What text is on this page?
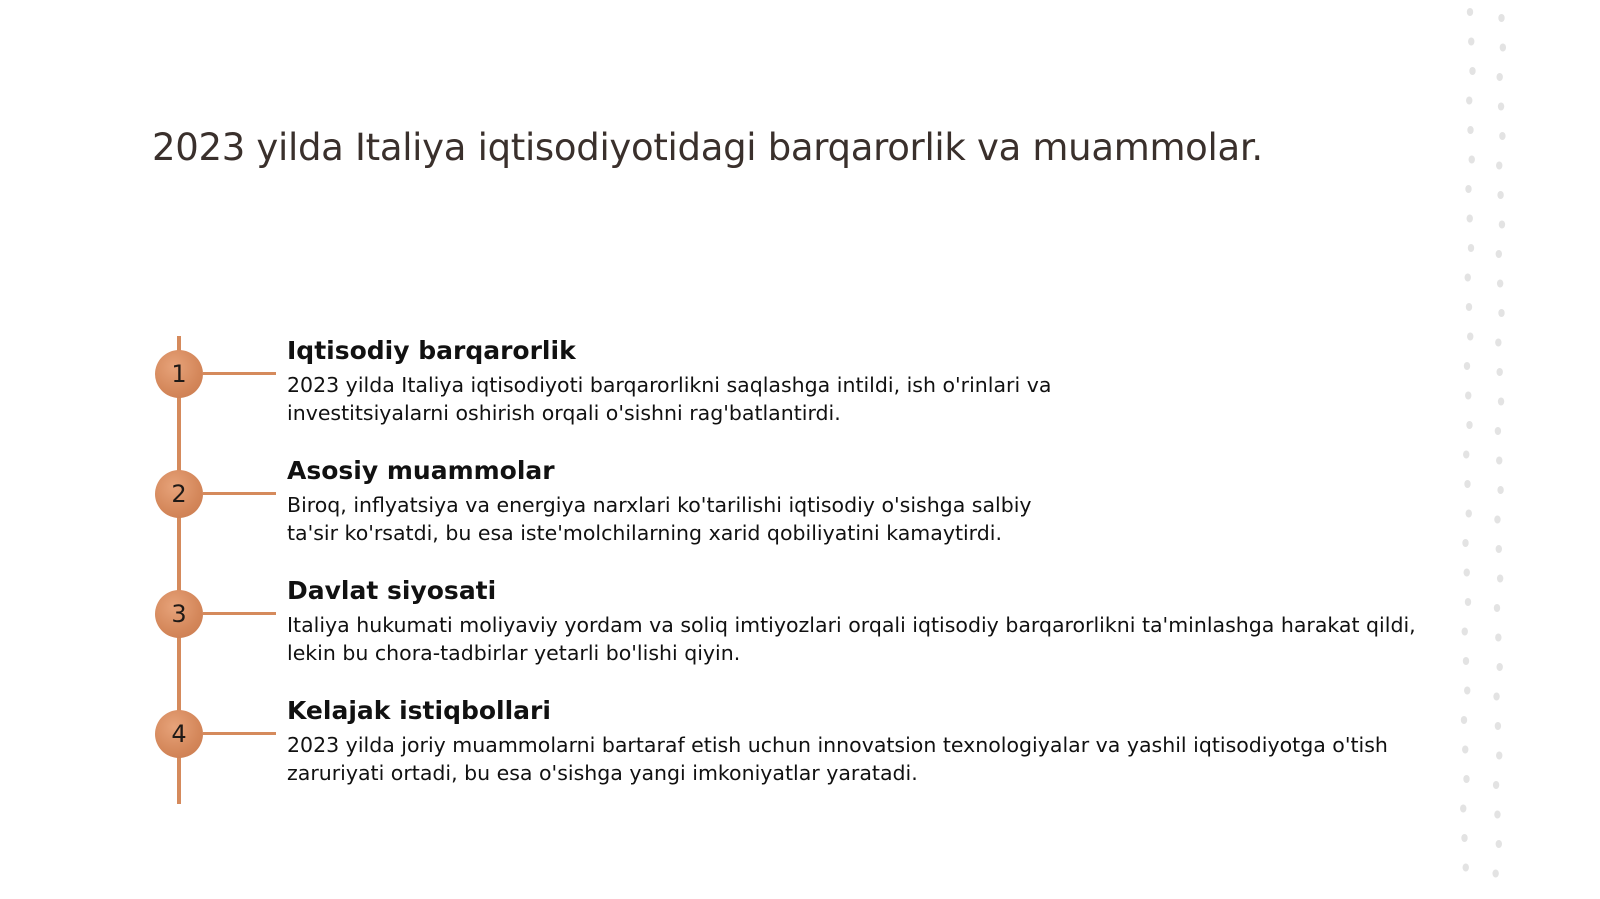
2023 yilda Italiya iqtisodiyotidagi barqarorlik va muammolar.
1
Iqtisodiy barqarorlik

2023 yilda Italiya iqtisodiyoti barqarorlikni saqlashga intildi, ish o'rinlari va investitsiyalarni oshirish orqali o'sishni rag'batlantirdi.

2
Asosiy muammolar

Biroq, inflyatsiya va energiya narxlari ko'tarilishi iqtisodiy o'sishga salbiy ta'sir ko'rsatdi, bu esa iste'molchilarning xarid qobiliyatini kamaytirdi.

3
Davlat siyosati

Italiya hukumati moliyaviy yordam va soliq imtiyozlari orqali iqtisodiy barqarorlikni ta'minlashga harakat qildi, lekin bu chora-tadbirlar yetarli bo'lishi qiyin.

4
Kelajak istiqbollari

2023 yilda joriy muammolarni bartaraf etish uchun innovatsion texnologiyalar va yashil iqtisodiyotga o'tish zaruriyati ortadi, bu esa o'sishga yangi imkoniyatlar yaratadi.
